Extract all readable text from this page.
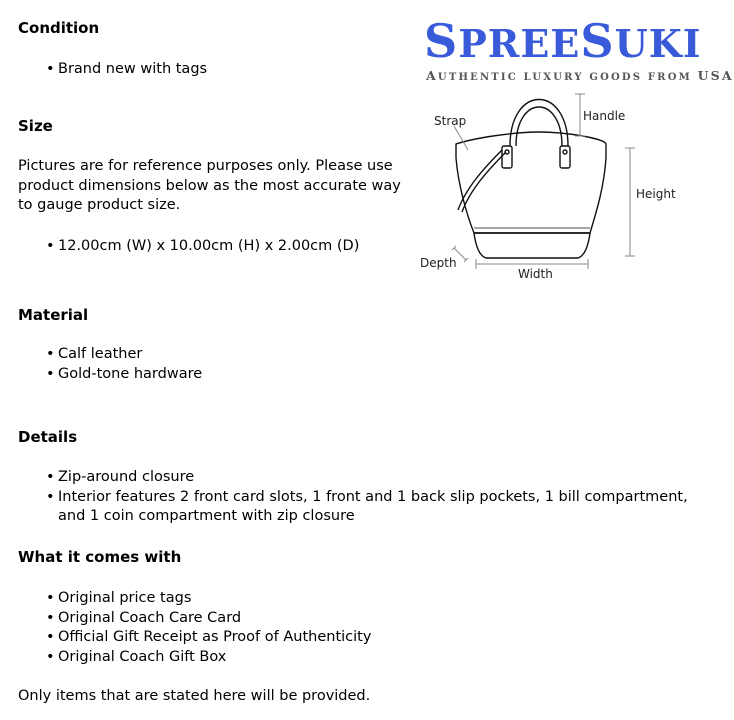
Condition
• Brand new with tags
Size

Pictures are for reference purposes only. Please use product dimensions below as the most accurate way to gauge product size.

• 12.00cm (W) x 10.00cm (H) x 2.00cm (D)
Material
• Calf leather
• Gold-tone hardware
Details
• Zip-around closure
• Interior features 2 front card slots, 1 front and 1 back slip pockets, 1 bill compartment, and 1 coin compartment with zip closure
What it comes with
• Original price tags
• Original Coach Care Card
• Official Gift Receipt as Proof of Authenticity
• Original Coach Gift Box

Only items that are stated here will be provided.

SPREESUKI
AUTHENTIC LUXURY GOODS FROM USA
Strap	Handle
Height
Depth
Width
